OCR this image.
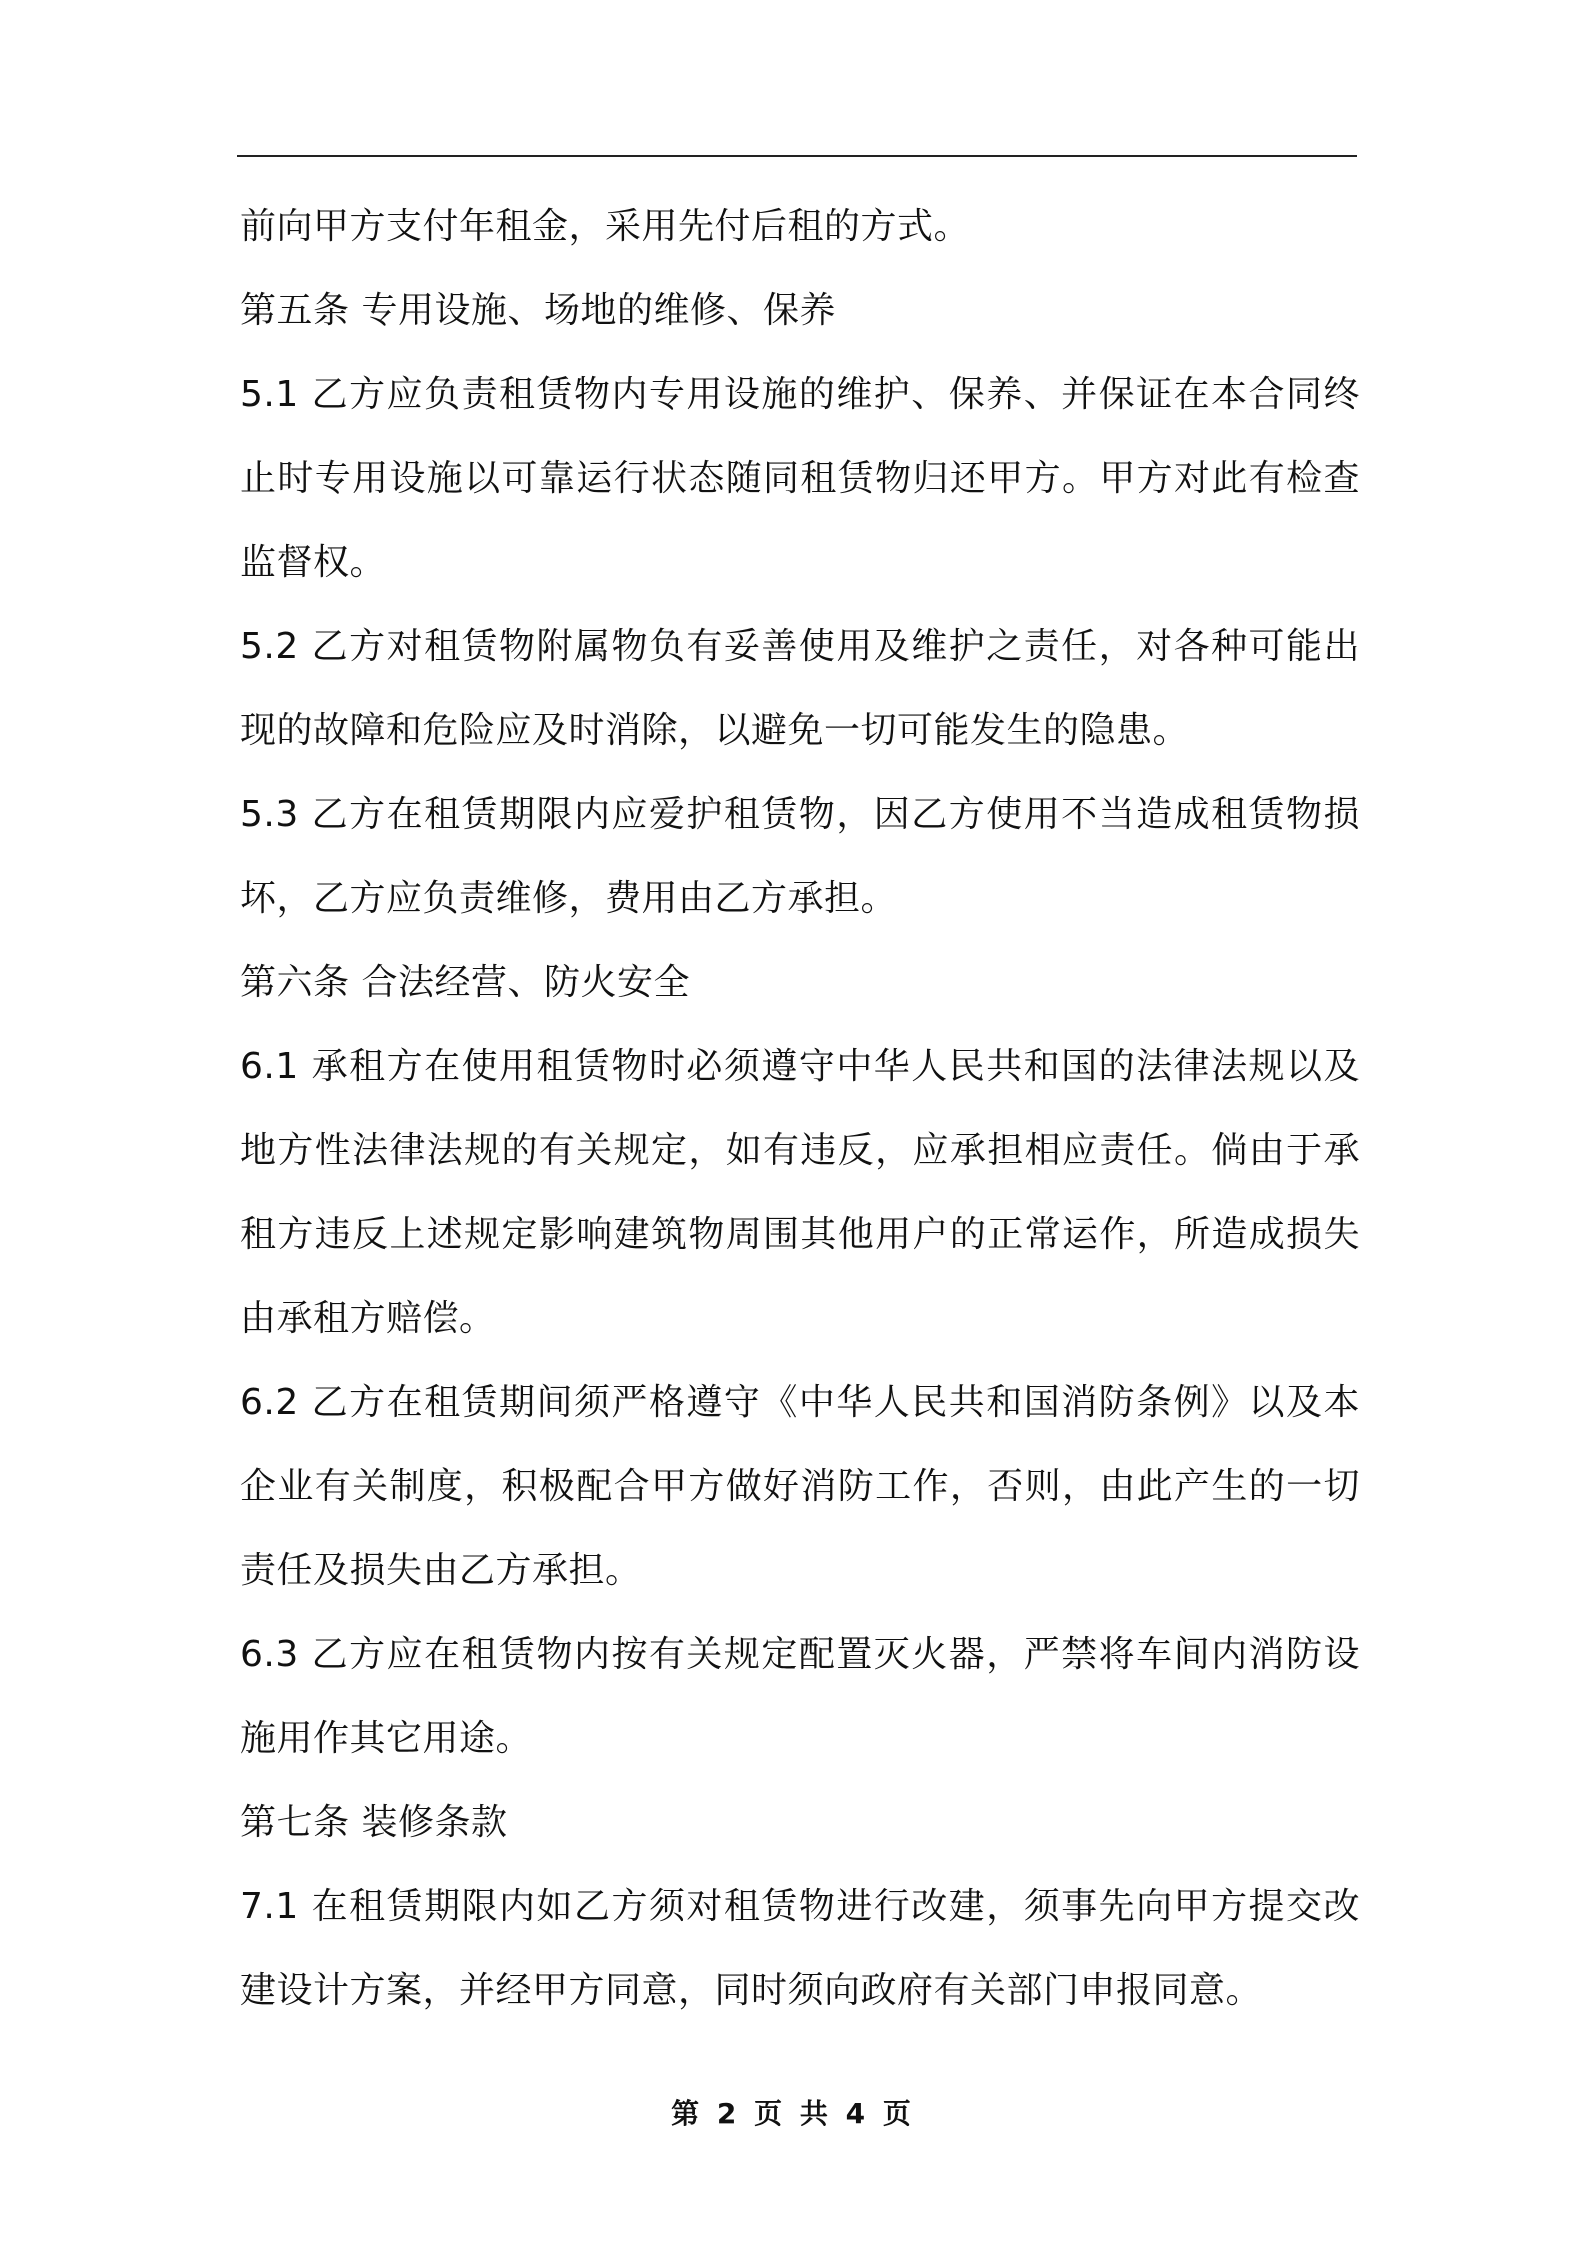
前向甲方支付年租金，采用先付后租的方式。
第五条 专用设施、场地的维修、保养
5.1 乙方应负责租赁物内专用设施的维护、保养、并保证在本合同终
止时专用设施以可靠运行状态随同租赁物归还甲方。甲方对此有检查
监督权。
5.2 乙方对租赁物附属物负有妥善使用及维护之责任，对各种可能出
现的故障和危险应及时消除，以避免一切可能发生的隐患。
5.3 乙方在租赁期限内应爱护租赁物，因乙方使用不当造成租赁物损
坏，乙方应负责维修，费用由乙方承担。
第六条 合法经营、防火安全
6.1 承租方在使用租赁物时必须遵守中华人民共和国的法律法规以及
地方性法律法规的有关规定，如有违反，应承担相应责任。倘由于承
租方违反上述规定影响建筑物周围其他用户的正常运作，所造成损失
由承租方赔偿。
6.2 乙方在租赁期间须严格遵守《中华人民共和国消防条例》以及本
企业有关制度，积极配合甲方做好消防工作，否则，由此产生的一切
责任及损失由乙方承担。
6.3 乙方应在租赁物内按有关规定配置灭火器，严禁将车间内消防设
施用作其它用途。
第七条 装修条款
7.1 在租赁期限内如乙方须对租赁物进行改建，须事先向甲方提交改
建设计方案，并经甲方同意，同时须向政府有关部门申报同意。
第 2 页 共 4 页
